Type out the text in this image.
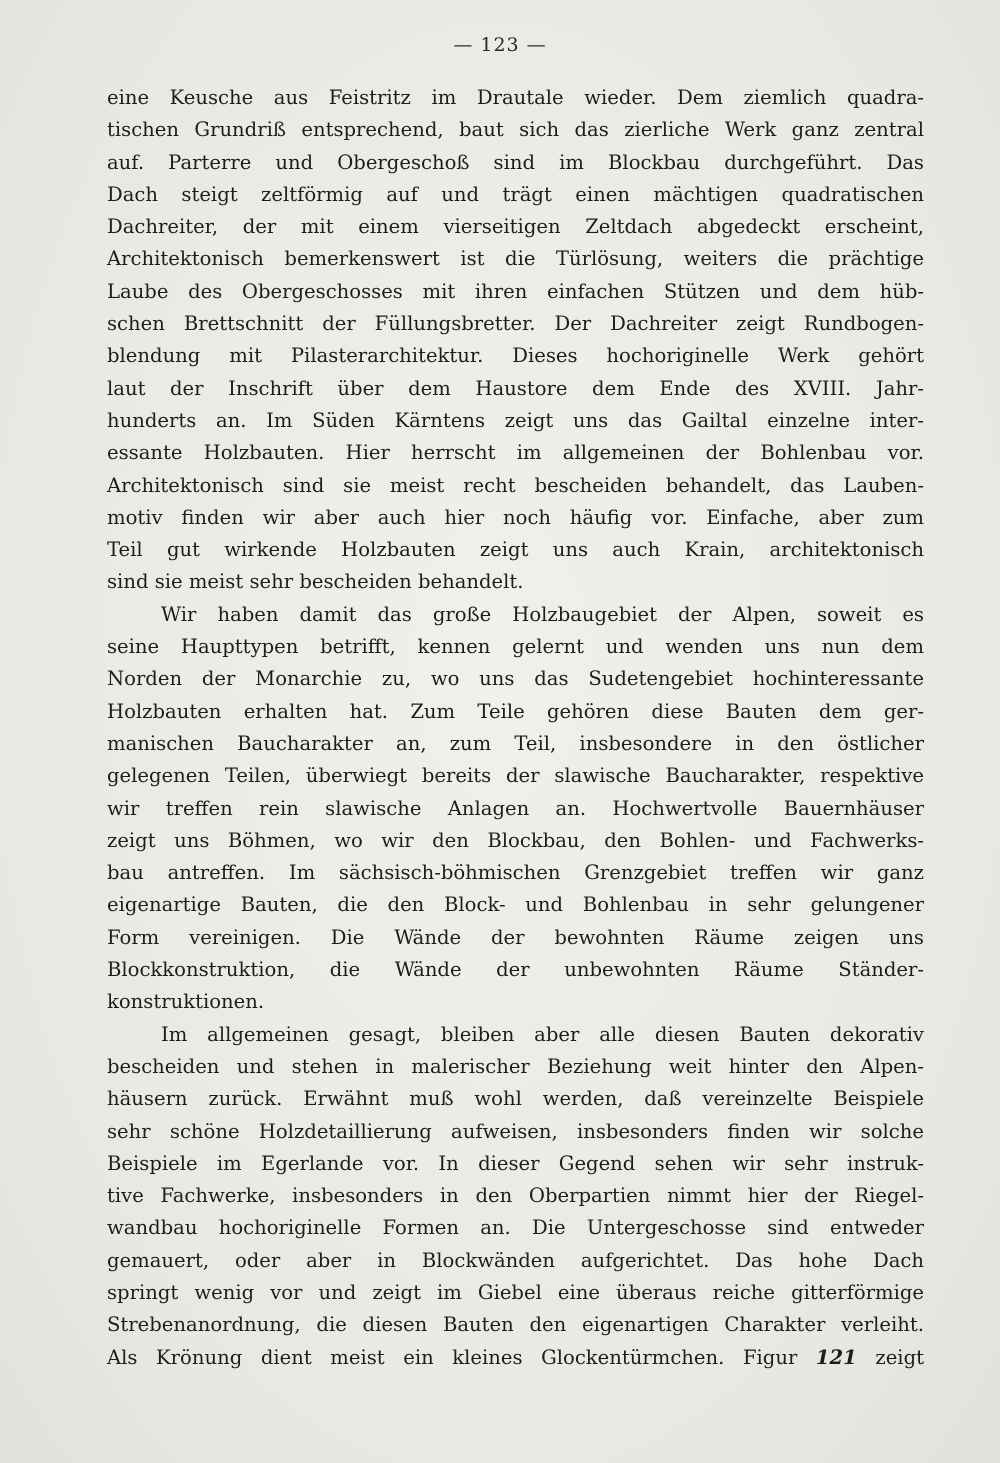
— 123 —
eine Keusche aus Feistritz im Drautale wieder. Dem ziemlich quadra-
tischen Grundriß entsprechend, baut sich das zierliche Werk ganz zentral
auf. Parterre und Obergeschoß sind im Blockbau durchgeführt. Das
Dach steigt zeltförmig auf und trägt einen mächtigen quadratischen
Dachreiter, der mit einem vierseitigen Zeltdach abgedeckt erscheint,
Architektonisch bemerkenswert ist die Türlösung, weiters die prächtige
Laube des Obergeschosses mit ihren einfachen Stützen und dem hüb-
schen Brettschnitt der Füllungsbretter. Der Dachreiter zeigt Rundbogen-
blendung mit Pilasterarchitektur. Dieses hochoriginelle Werk gehört
laut der Inschrift über dem Haustore dem Ende des XVIII. Jahr-
hunderts an. Im Süden Kärntens zeigt uns das Gailtal einzelne inter-
essante Holzbauten. Hier herrscht im allgemeinen der Bohlenbau vor.
Architektonisch sind sie meist recht bescheiden behandelt, das Lauben-
motiv finden wir aber auch hier noch häufig vor. Einfache, aber zum
Teil gut wirkende Holzbauten zeigt uns auch Krain, architektonisch
sind sie meist sehr bescheiden behandelt.
Wir haben damit das große Holzbaugebiet der Alpen, soweit es
seine Haupttypen betrifft, kennen gelernt und wenden uns nun dem
Norden der Monarchie zu, wo uns das Sudetengebiet hochinteressante
Holzbauten erhalten hat. Zum Teile gehören diese Bauten dem ger-
manischen Baucharakter an, zum Teil, insbesondere in den östlicher
gelegenen Teilen, überwiegt bereits der slawische Baucharakter, respektive
wir treffen rein slawische Anlagen an. Hochwertvolle Bauernhäuser
zeigt uns Böhmen, wo wir den Blockbau, den Bohlen- und Fachwerks-
bau antreffen. Im sächsisch-böhmischen Grenzgebiet treffen wir ganz
eigenartige Bauten, die den Block- und Bohlenbau in sehr gelungener
Form vereinigen. Die Wände der bewohnten Räume zeigen uns
Blockkonstruktion, die Wände der unbewohnten Räume Ständer-
konstruktionen.
Im allgemeinen gesagt, bleiben aber alle diesen Bauten dekorativ
bescheiden und stehen in malerischer Beziehung weit hinter den Alpen-
häusern zurück. Erwähnt muß wohl werden, daß vereinzelte Beispiele
sehr schöne Holzdetaillierung aufweisen, insbesonders finden wir solche
Beispiele im Egerlande vor. In dieser Gegend sehen wir sehr instruk-
tive Fachwerke, insbesonders in den Oberpartien nimmt hier der Riegel-
wandbau hochoriginelle Formen an. Die Untergeschosse sind entweder
gemauert, oder aber in Blockwänden aufgerichtet. Das hohe Dach
springt wenig vor und zeigt im Giebel eine überaus reiche gitterförmige
Strebenanordnung, die diesen Bauten den eigenartigen Charakter verleiht.
Als Krönung dient meist ein kleines Glockentürmchen. Figur 121 zeigt
